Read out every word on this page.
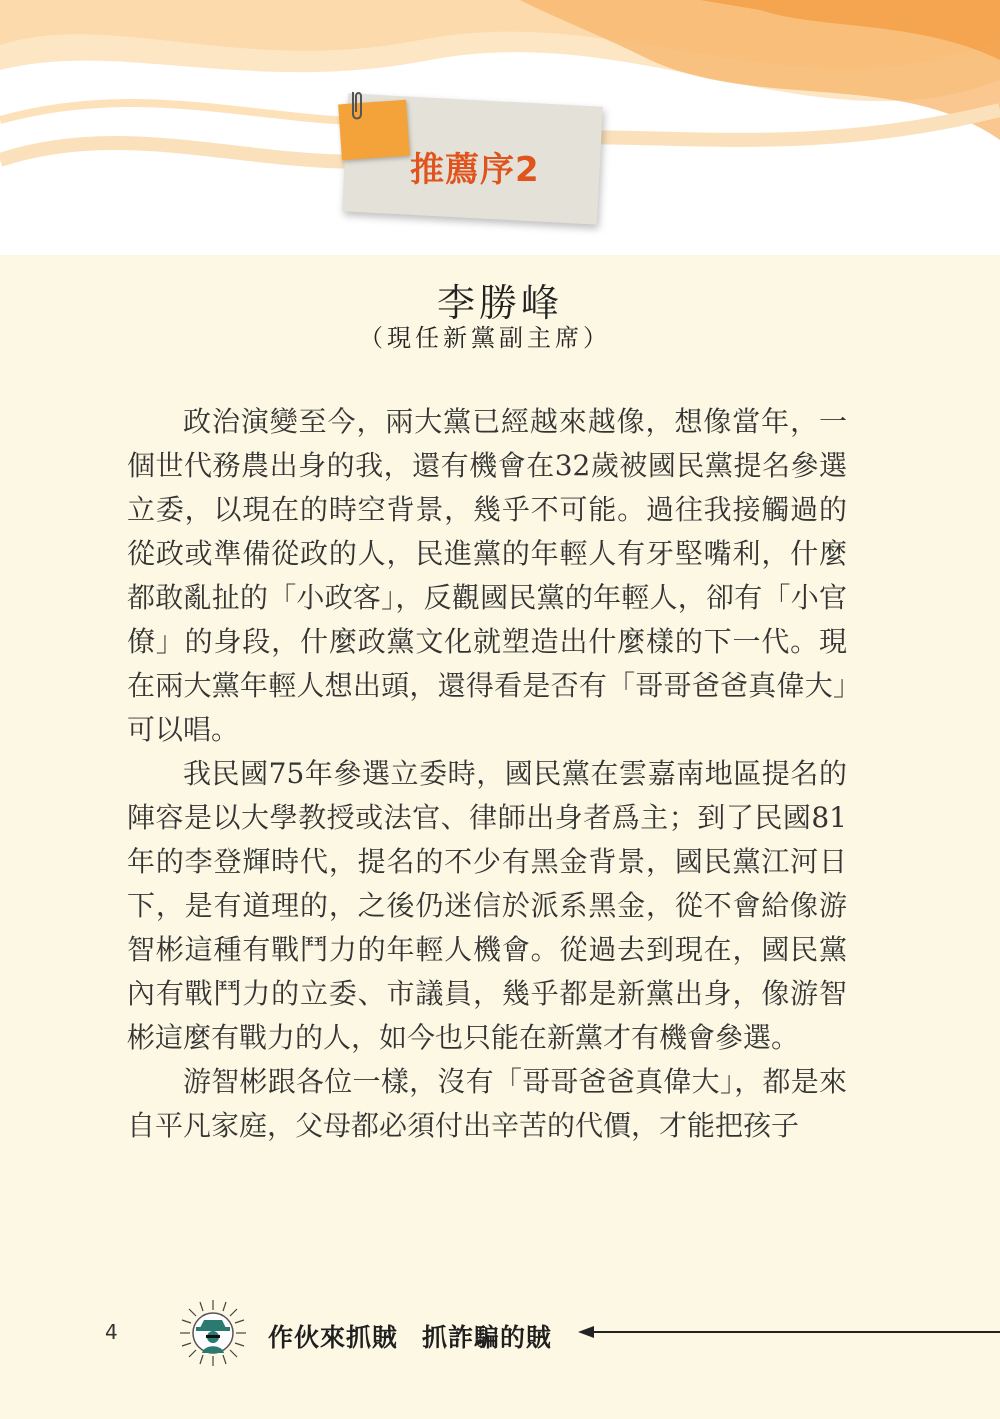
推薦序2
李勝峰
（現任新黨副主席）

政治演變至今，兩大黨已經越來越像，想像當年，一個世代務農出身的我，還有機會在32歲被國民黨提名參選立委，以現在的時空背景，幾乎不可能。過往我接觸過的從政或準備從政的人，民進黨的年輕人有牙堅嘴利，什麼都敢亂扯的「小政客」，反觀國民黨的年輕人，卻有「小官僚」的身段，什麼政黨文化就塑造出什麼樣的下一代。現在兩大黨年輕人想出頭，還得看是否有「哥哥爸爸真偉大」可以唱。

我民國75年參選立委時，國民黨在雲嘉南地區提名的陣容是以大學教授或法官、律師出身者爲主；到了民國81年的李登輝時代，提名的不少有黑金背景，國民黨江河日下，是有道理的，之後仍迷信於派系黑金，從不會給像游智彬這種有戰鬥力的年輕人機會。從過去到現在，國民黨內有戰鬥力的立委、市議員，幾乎都是新黨出身，像游智彬這麼有戰力的人，如今也只能在新黨才有機會參選。

游智彬跟各位一樣，沒有「哥哥爸爸真偉大」，都是來自平凡家庭，父母都必須付出辛苦的代價，才能把孩子

4	作伙來抓賊 抓詐騙的賊
